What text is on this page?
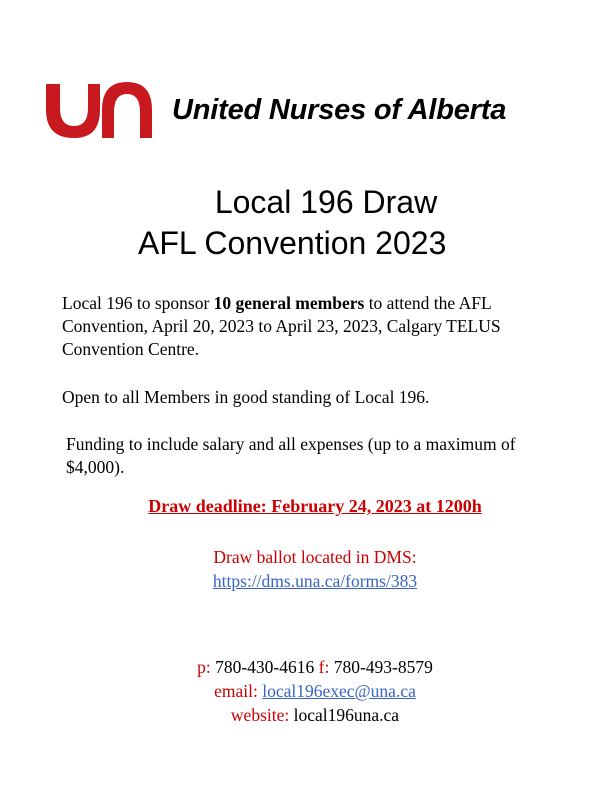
United Nurses of Alberta
Local 196 Draw
AFL Convention 2023
Local 196 to sponsor 10 general members to attend the AFL Convention, April 20, 2023 to April 23, 2023, Calgary TELUS Convention Centre.
Open to all Members in good standing of Local 196.
Funding to include salary and all expenses (up to a maximum of $4,000).
Draw deadline: February 24, 2023 at 1200h
Draw ballot located in DMS:
https://dms.una.ca/forms/383
p: 780-430-4616 f: 780-493-8579
email: local196exec@una.ca
website: local196una.ca
